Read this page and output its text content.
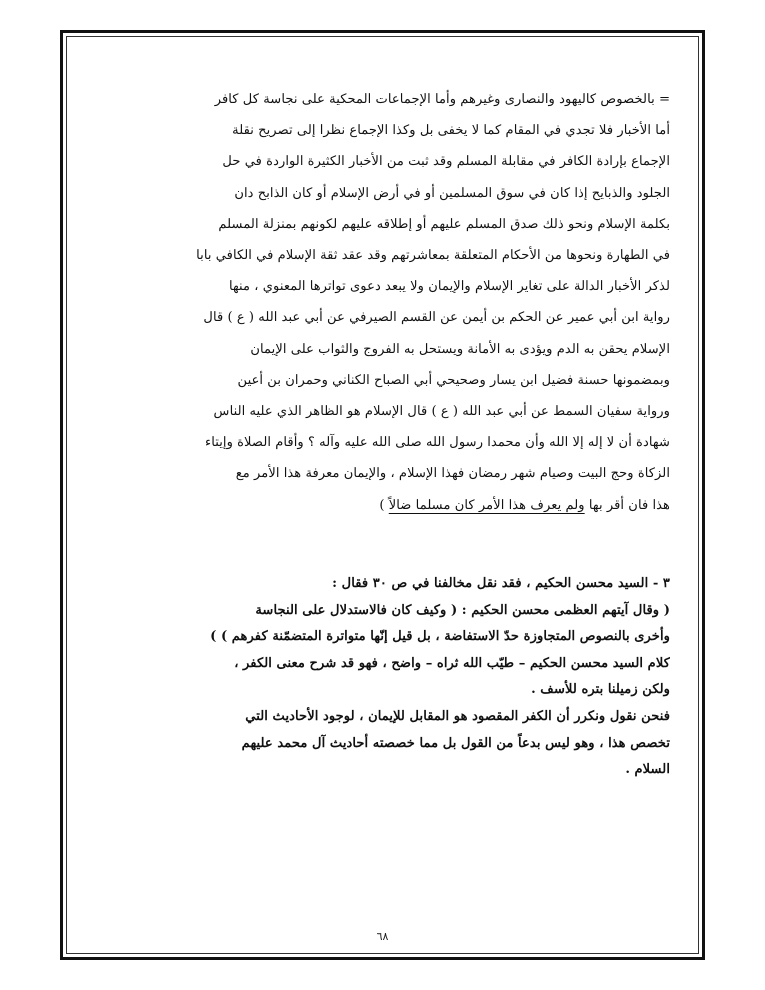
= بالخصوص كاليهود والنصارى وغيرهم وأما الإجماعات المحكية على نجاسة كل كافر
أما الأخبار فلا تجدي في المقام كما لا يخفى بل وكذا الإجماع نظرا إلى تصريح نقلة
الإجماع بإرادة الكافر في مقابلة المسلم وقد ثبت من الأخبار الكثيرة الواردة في حل
الجلود والذبايح إذا كان في سوق المسلمين أو في أرض الإسلام أو كان الذابح دان
بكلمة الإسلام ونحو ذلك صدق المسلم عليهم أو إطلاقه عليهم لكونهم بمنزلة المسلم
في الطهارة ونحوها من الأحكام المتعلقة بمعاشرتهم وقد عقد ثقة الإسلام في الكافي بابا
لذكر الأخبار الدالة على تغاير الإسلام والإيمان ولا يبعد دعوى تواترها المعنوي ، منها
رواية ابن أبي عمير عن الحكم بن أيمن عن القسم الصيرفي عن أبي عبد الله ( ع ) قال
الإسلام يحقن به الدم ويؤدى به الأمانة ويستحل به الفروج والثواب على الإيمان
وبمضمونها حسنة فضيل ابن يسار وصحيحي أبي الصباح الكناني وحمران بن أعين
ورواية سفيان السمط عن أبي عبد الله ( ع ) قال الإسلام هو الظاهر الذي عليه الناس
شهادة أن لا إله إلا الله وأن محمدا رسول الله صلى الله عليه وآله ؟ وأقام الصلاة وإيتاء
الزكاة وحج البيت وصيام شهر رمضان فهذا الإسلام ، والإيمان معرفة هذا الأمر مع
هذا فان أقر بها ولم يعرف هذا الأمر كان مسلما ضالاً )
٣ - السيد محسن الحكيم ، فقد نقل مخالفنا في ص ٣٠ فقال :
( وقال آيتهم العظمى محسن الحكيم : ( وكيف كان فالاستدلال على النجاسة
وأخرى بالنصوص المتجاوزة حدّ الاستفاضة ، بل قيل إنّها متواترة المتضمّنة كفرهم ) )
كلام السيد محسن الحكيم – طيّب الله ثراه – واضح ، فهو قد شرح معنى الكفر ،
ولكن زميلنا بتره للأسف .
فنحن نقول ونكرر أن الكفر المقصود هو المقابل للإيمان ، لوجود الأحاديث التي
تخصص هذا ، وهو ليس بدعاً من القول بل مما خصصته أحاديث آل محمد عليهم
السلام .
٦٨
